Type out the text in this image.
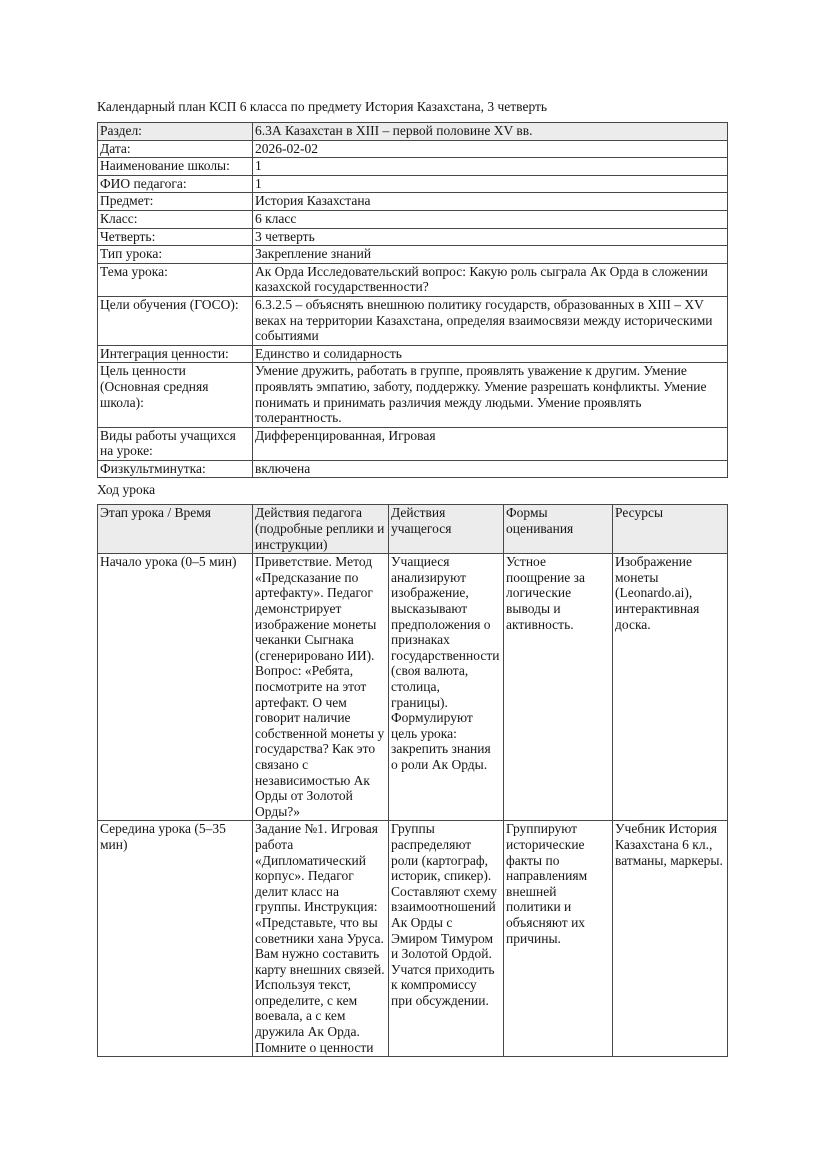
Календарный план КСП 6 класса по предмету История Казахстана, 3 четверть

Раздел:	6.3А Казахстан в XIII – первой половине XV вв.
Дата:	2026-02-02
Наименование школы:	1
ФИО педагога:	1
Предмет:	История Казахстана
Класс:	6 класс
Четверть:	3 четверть
Тип урока:	Закрепление знаний
Тема урока:	Ак Орда Исследовательский вопрос: Какую роль сыграла Ак Орда в сложении казахской государственности?
Цели обучения (ГОСО):	6.3.2.5 – объяснять внешнюю политику государств, образованных в XIII – XV веках на территории Казахстана, определяя взаимосвязи между историческими событиями
Интеграция ценности:	Единство и солидарность
Цель ценности (Основная средняя школа):	Умение дружить, работать в группе, проявлять уважение к другим. Умение проявлять эмпатию, заботу, поддержку. Умение разрешать конфликты. Умение понимать и принимать различия между людьми. Умение проявлять толерантность.
Виды работы учащихся на уроке:	Дифференцированная, Игровая
Физкультминутка:	включена

Ход урока

Этап урока / Время	Действия педагога (подробные реплики и инструкции)	Действия учащегося	Формы оценивания	Ресурсы
Начало урока (0–5 мин)	Приветствие. Метод «Предсказание по артефакту». Педагог демонстрирует изображение монеты чеканки Сыгнака (сгенерировано ИИ). Вопрос: «Ребята, посмотрите на этот артефакт. О чем говорит наличие собственной монеты у государства? Как это связано с независимостью Ак Орды от Золотой Орды?»	Учащиеся анализируют изображение, высказывают предположения о признаках государственности (своя валюта, столица, границы). Формулируют цель урока: закрепить знания о роли Ак Орды.	Устное поощрение за логические выводы и активность.	Изображение монеты (Leonardo.ai), интерактивная доска.
Середина урока (5–35 мин)	Задание №1. Игровая работа «Дипломатический корпус». Педагог делит класс на группы. Инструкция: «Представьте, что вы советники хана Уруса. Вам нужно составить карту внешних связей. Используя текст, определите, с кем воевала, а с кем дружила Ак Орда. Помните о ценности	Группы распределяют роли (картограф, историк, спикер). Составляют схему взаимоотношений Ак Орды с Эмиром Тимуром и Золотой Ордой. Учатся приходить к компромиссу при обсуждении.	Группируют исторические факты по направлениям внешней политики и объясняют их причины.	Учебник История Казахстана 6 кл., ватманы, маркеры.
